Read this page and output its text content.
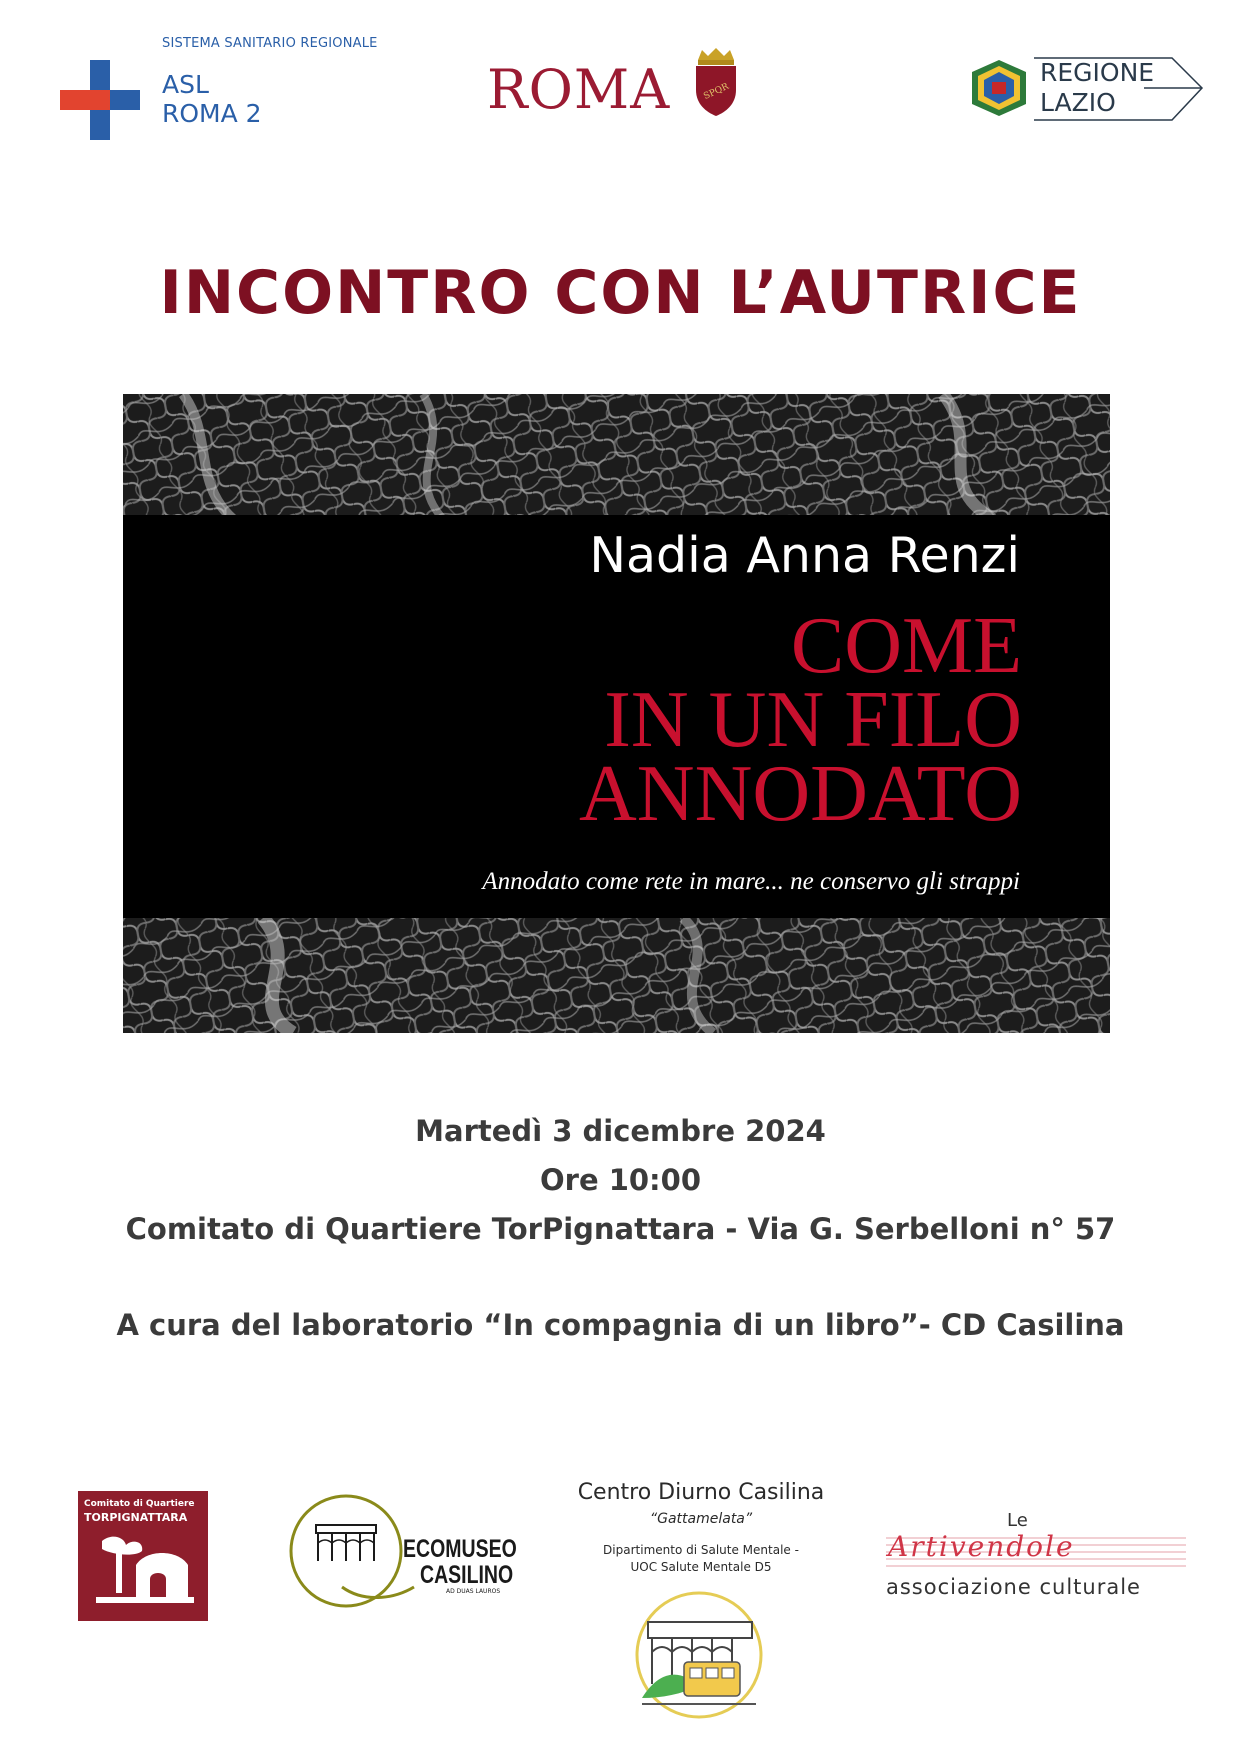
SISTEMA SANITARIO REGIONALE
ASL
ROMA 2	ROMA	SPQR
REGIONE
LAZIO
INCONTRO CON L’AUTRICE
Nadia Anna Renzi
COME
IN UN FILO
ANNODATO
Annodato come rete in mare... ne conservo gli strappi
Martedì 3 dicembre 2024
Ore 10:00
Comitato di Quartiere TorPignattara - Via G. Serbelloni n° 57
A cura del laboratorio “In compagnia di un libro”- CD Casilina
Comitato di Quartiere
TORPIGNATTARA
ECOMUSEO
CASILINO
AD DUAS LAUROS
Centro Diurno Casilina
“Gattamelata”
Dipartimento di Salute Mentale -
UOC Salute Mentale D5
Le
Artivendole
associazione culturale
